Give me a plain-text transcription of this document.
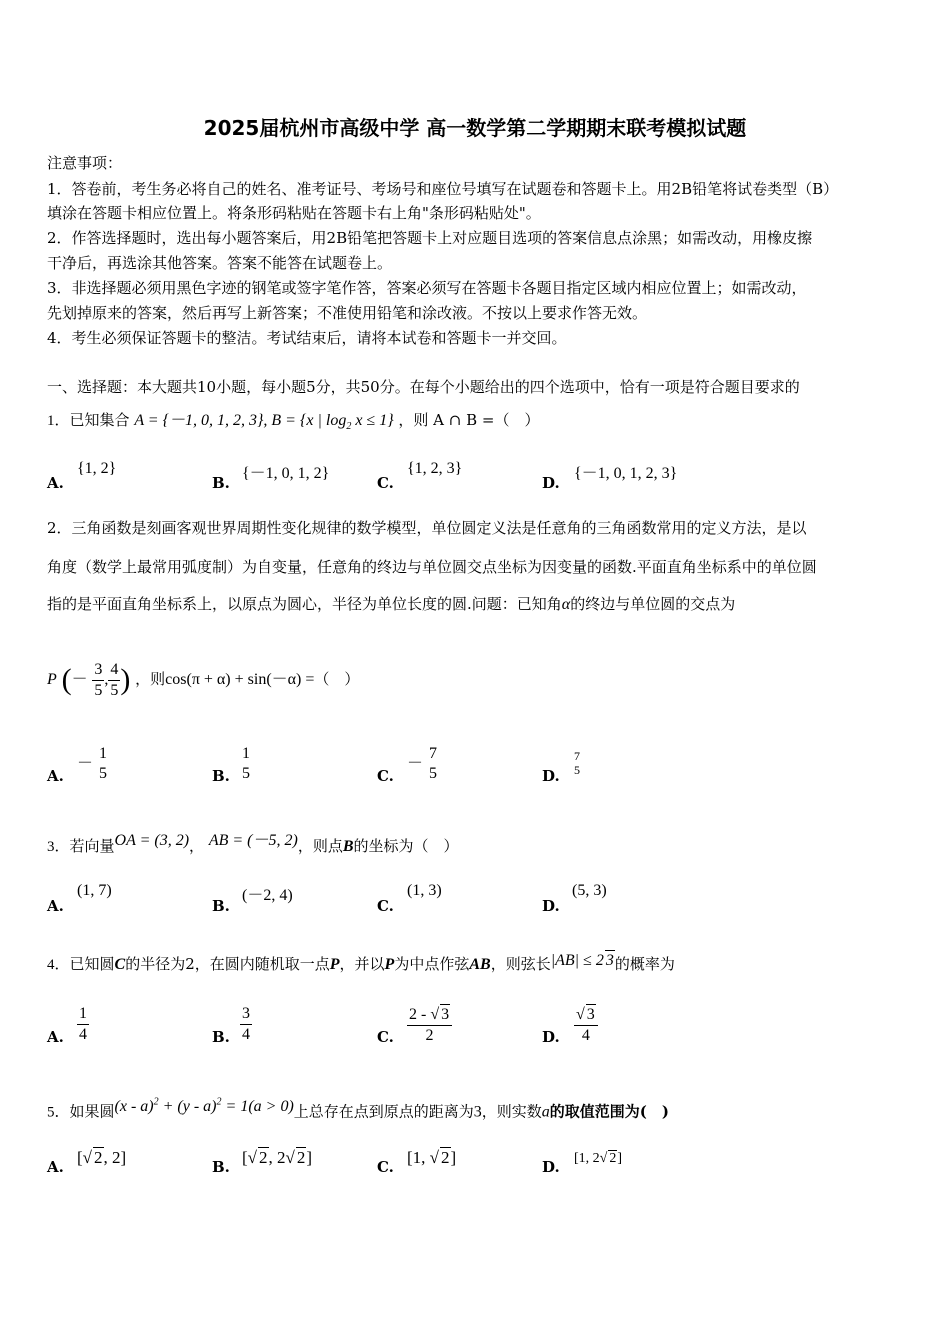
2025届杭州市高级中学 高一数学第二学期期末联考模拟试题
注意事项：
1．答卷前，考生务必将自己的姓名、准考证号、考场号和座位号填写在试题卷和答题卡上。用2B铅笔将试卷类型（B）
填涂在答题卡相应位置上。将条形码粘贴在答题卡右上角"条形码粘贴处"。
2．作答选择题时，选出每小题答案后，用2B铅笔把答题卡上对应题目选项的答案信息点涂黑；如需改动，用橡皮擦
干净后，再选涂其他答案。答案不能答在试题卷上。
3．非选择题必须用黑色字迹的钢笔或签字笔作答，答案必须写在答题卡各题目指定区域内相应位置上；如需改动，
先划掉原来的答案，然后再写上新答案；不准使用铅笔和涂改液。不按以上要求作答无效。
4．考生必须保证答题卡的整洁。考试结束后，请将本试卷和答题卡一并交回。
一、选择题：本大题共10小题，每小题5分，共50分。在每个小题给出的四个选项中，恰有一项是符合题目要求的
1．已知集合 A = {－1, 0, 1, 2, 3}, B = {x | $\log_2 x \le 1$} ，则 A ∩ B =（　）
A.
{1, 2}
B.
{－1, 0, 1, 2}
C.
{1, 2, 3}
D.
{－1, 0, 1, 2, 3}
2．三角函数是刻画客观世界周期性变化规律的数学模型，单位圆定义法是任意角的三角函数常用的定义方法，是以
角度（数学上最常用弧度制）为自变量，任意角的终边与单位圆交点坐标为因变量的函数.平面直角坐标系中的单位圆
指的是平面直角坐标系上，以原点为圆心，半径为单位长度的圆.问题：已知角α的终边与单位圆的交点为
P (－ $\frac{3}{5}$ , $\frac{4}{5}$ ) ，则cos(π + α) + sin(－α) =（　）
A.
－
1
5	B.
1
5	C.
－
7
5	D.
7
5
3．若向量OA = (3, 2)， AB = (－5, 2)，则点B的坐标为（　）
A.
(1, 7)
B.
(－2, 4)
C.
(1, 3)
D.
(5, 3)
4．已知圆C的半径为2，在圆内随机取一点P，并以P为中点作弦AB，则弦长|AB| ≤ 2 3的概率为
A. $\frac{1}{4}$	B. $\frac{3}{4}$	C. $\frac{2 - √ 3}{2}$	D. $\frac{√ 3}{4}$
5．如果圆(x - a)$^2$ + (y - a)$^2$ = 1(a > 0)上总存在点到原点的距离为3，则实数a的取值范围为(　)
A. [√ 2, 2]	B. [√ 2, 2√ 2]	C. [1, √ 2]	D. [1, 2√ 2]
